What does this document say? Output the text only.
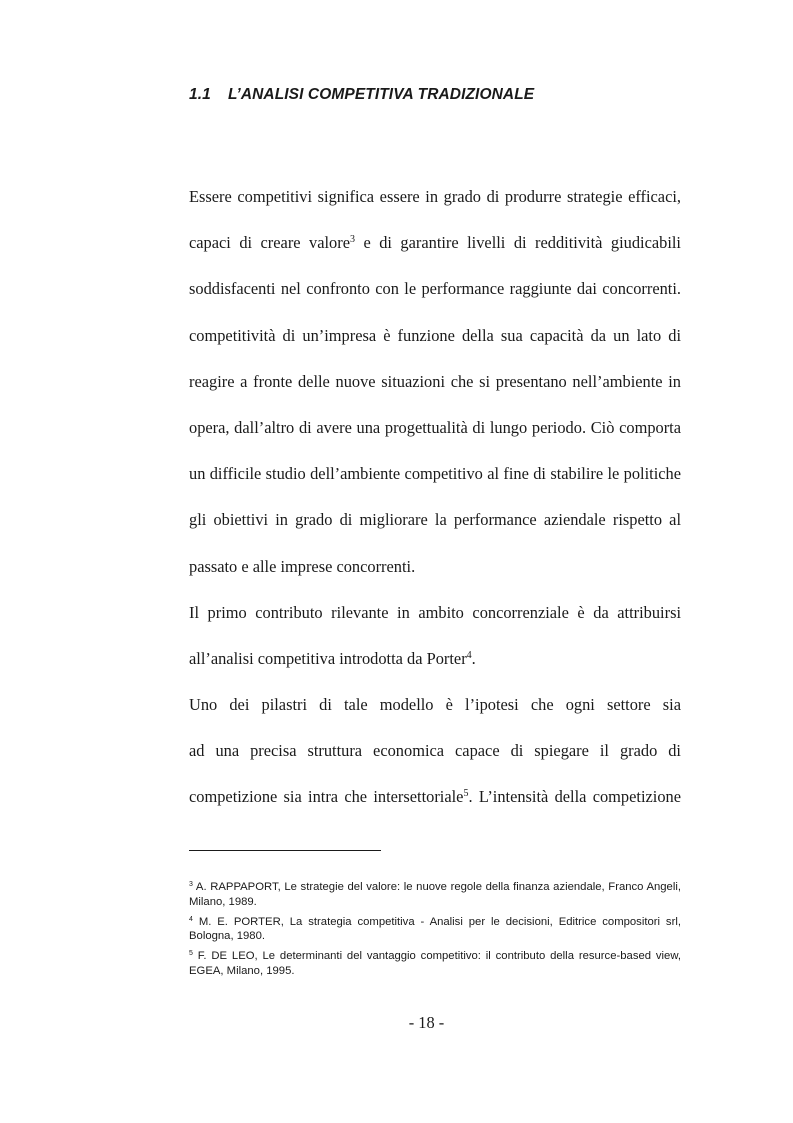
1.1 L’ANALISI COMPETITIVA TRADIZIONALE
Essere competitivi significa essere in grado di produrre strategie efficaci,
capaci di creare valore$^3$ e di garantire livelli di redditività giudicabili
soddisfacenti nel confronto con le performance raggiunte dai concorrenti.
competitività di un’impresa è funzione della sua capacità da un lato di
reagire a fronte delle nuove situazioni che si presentano nell’ambiente in
opera, dall’altro di avere una progettualità di lungo periodo. Ciò comporta
un difficile studio dell’ambiente competitivo al fine di stabilire le politiche
gli obiettivi in grado di migliorare la performance aziendale rispetto al
passato e alle imprese concorrenti.
Il primo contributo rilevante in ambito concorrenziale è da attribuirsi
all’analisi competitiva introdotta da Porter$^4$.
Uno dei pilastri di tale modello è l’ipotesi che ogni settore sia
ad una precisa struttura economica capace di spiegare il grado di
competizione sia intra che intersettoriale$^5$. L’intensità della competizione
$^3$ A. RAPPAPORT, Le strategie del valore: le nuove regole della finanza aziendale, Franco Angeli, Milano, 1989.
$^4$ M. E. PORTER, La strategia competitiva - Analisi per le decisioni, Editrice compositori srl, Bologna, 1980.
$^5$ F. DE LEO, Le determinanti del vantaggio competitivo: il contributo della resurce-based view, EGEA, Milano, 1995.
- 18 -
